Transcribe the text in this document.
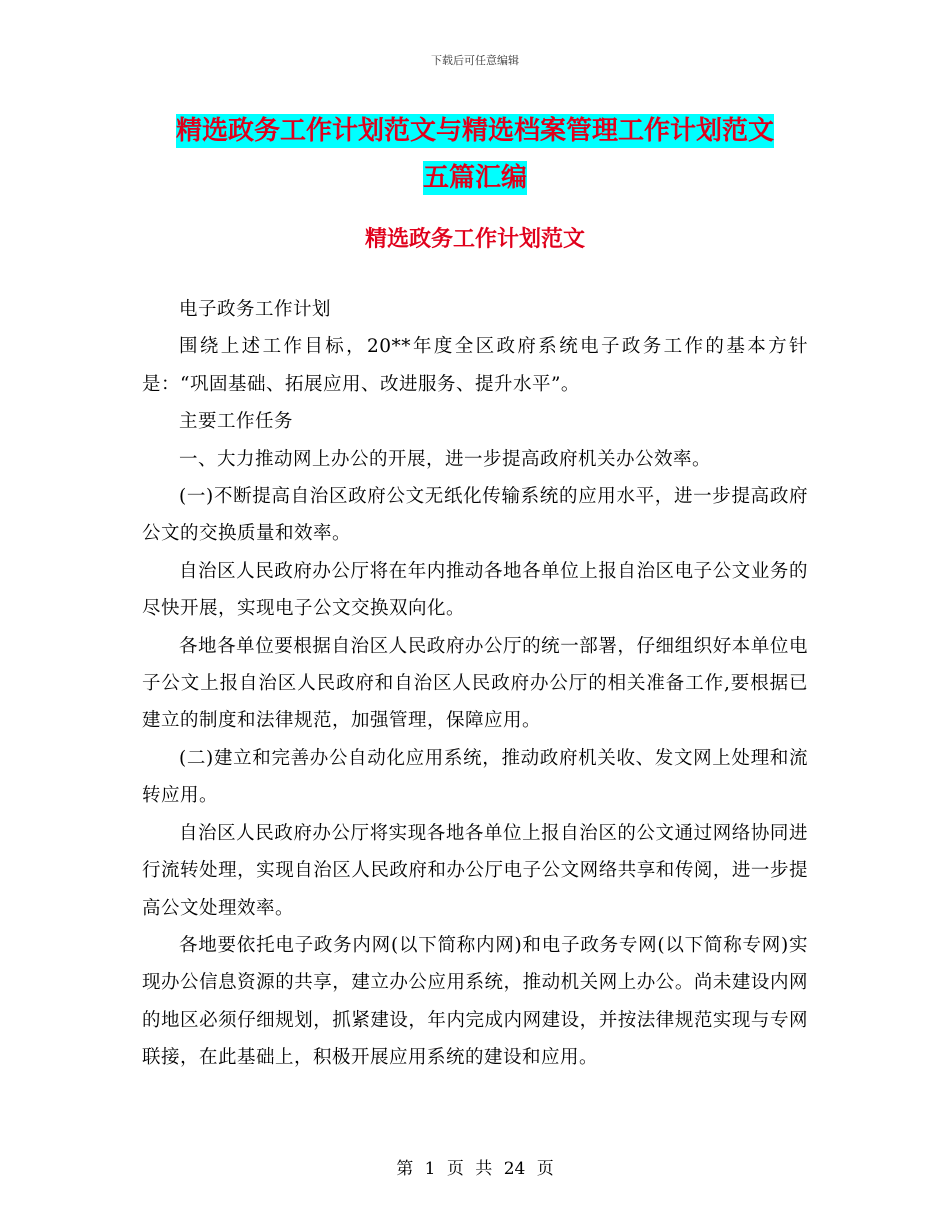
下载后可任意编辑
精选政务工作计划范文与精选档案管理工作计划范文
五篇汇编
精选政务工作计划范文

电子政务工作计划

围绕上述工作目标，20**年度全区政府系统电子政务工作的基本方针是：“巩固基础、拓展应用、改进服务、提升水平”。

主要工作任务

一、大力推动网上办公的开展，进一步提高政府机关办公效率。

(一)不断提高自治区政府公文无纸化传输系统的应用水平，进一步提高政府公文的交换质量和效率。

自治区人民政府办公厅将在年内推动各地各单位上报自治区电子公文业务的尽快开展，实现电子公文交换双向化。

各地各单位要根据自治区人民政府办公厅的统一部署，仔细组织好本单位电子公文上报自治区人民政府和自治区人民政府办公厅的相关准备工作,要根据已建立的制度和法律规范，加强管理，保障应用。

(二)建立和完善办公自动化应用系统，推动政府机关收、发文网上处理和流转应用。

自治区人民政府办公厅将实现各地各单位上报自治区的公文通过网络协同进行流转处理，实现自治区人民政府和办公厅电子公文网络共享和传阅，进一步提高公文处理效率。

各地要依托电子政务内网(以下简称内网)和电子政务专网(以下简称专网)实现办公信息资源的共享，建立办公应用系统，推动机关网上办公。尚未建设内网的地区必须仔细规划，抓紧建设，年内完成内网建设，并按法律规范实现与专网联接，在此基础上，积极开展应用系统的建设和应用。

第 1 页 共 24 页
